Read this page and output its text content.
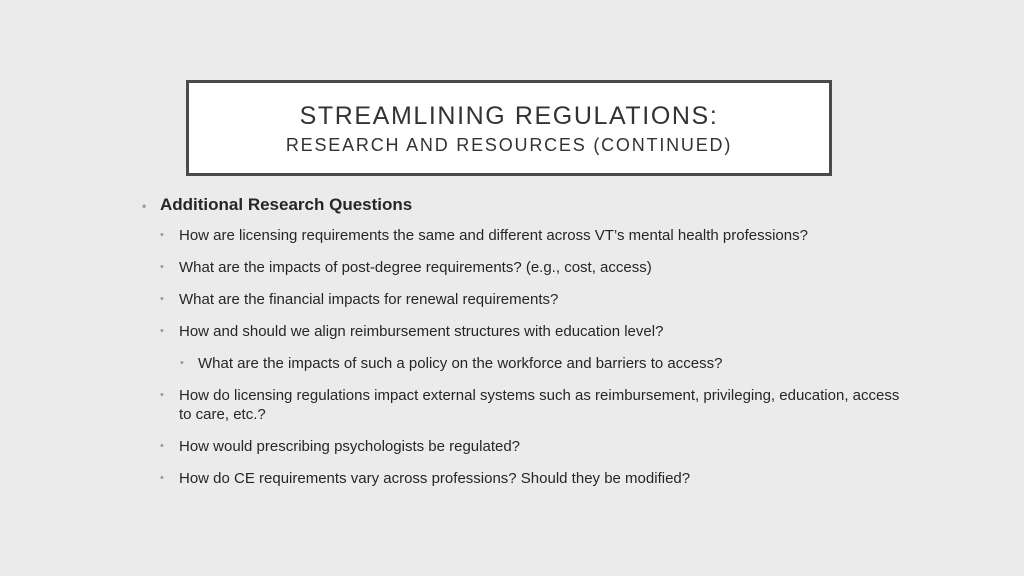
STREAMLINING REGULATIONS:
RESEARCH AND RESOURCES (CONTINUED)
• Additional Research Questions
• How are licensing requirements the same and different across VT’s mental health professions?
• What are the impacts of post-degree requirements? (e.g., cost, access)
• What are the financial impacts for renewal requirements?
• How and should we align reimbursement structures with education level?
• What are the impacts of such a policy on the workforce and barriers to access?
• How do licensing regulations impact external systems such as reimbursement, privileging, education, access to care, etc.?
• How would prescribing psychologists be regulated?
• How do CE requirements vary across professions? Should they be modified?
